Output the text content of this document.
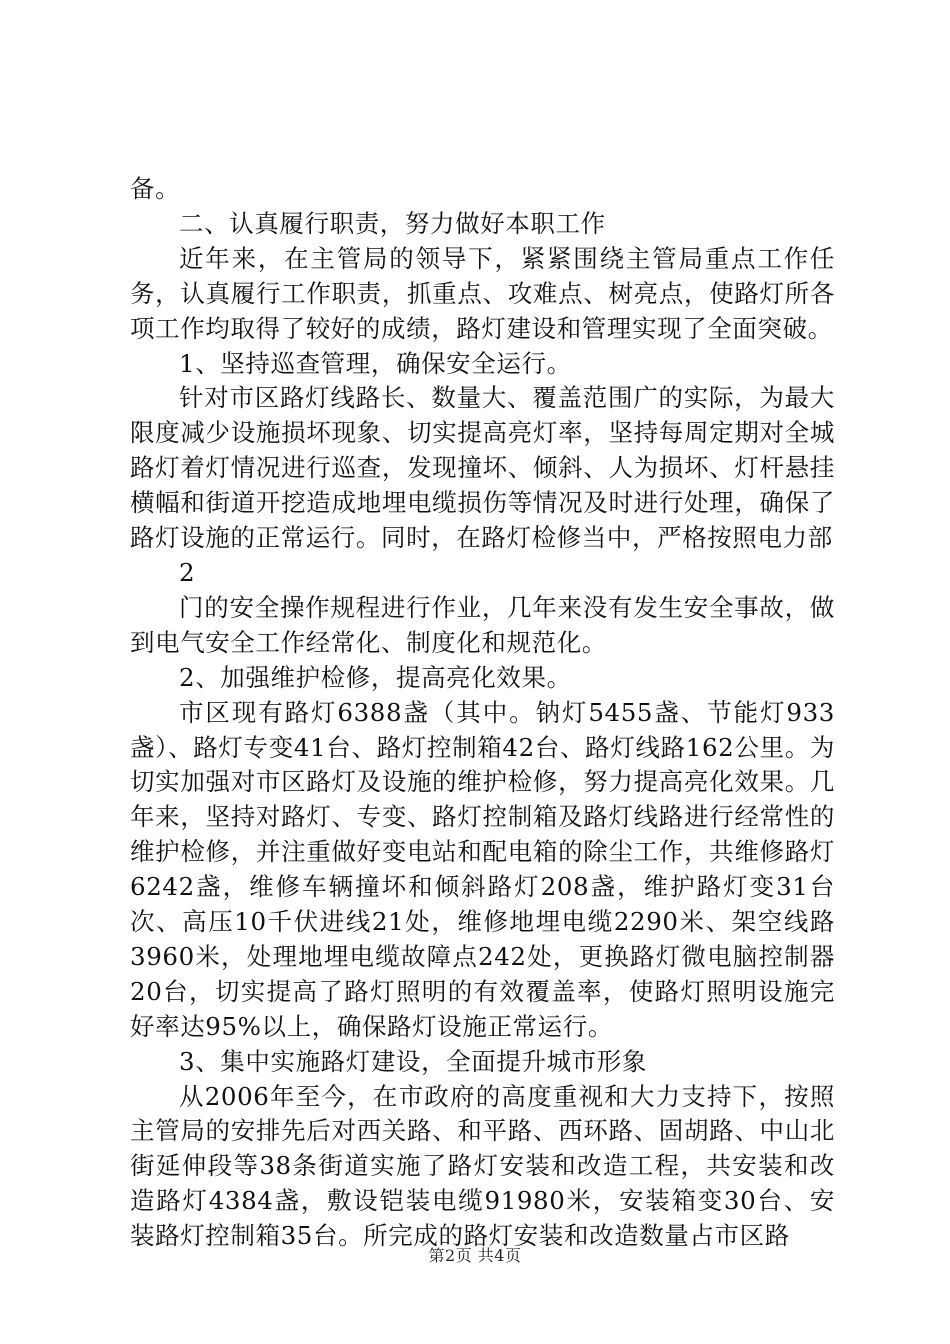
备。

二、认真履行职责，努力做好本职工作

近年来，在主管局的领导下，紧紧围绕主管局重点工作任务，认真履行工作职责，抓重点、攻难点、树亮点，使路灯所各项工作均取得了较好的成绩，路灯建设和管理实现了全面突破。

1、坚持巡查管理，确保安全运行。

针对市区路灯线路长、数量大、覆盖范围广的实际，为最大限度减少设施损坏现象、切实提高亮灯率，坚持每周定期对全城路灯着灯情况进行巡查，发现撞坏、倾斜、人为损坏、灯杆悬挂横幅和街道开挖造成地埋电缆损伤等情况及时进行处理，确保了路灯设施的正常运行。同时，在路灯检修当中，严格按照电力部

2

门的安全操作规程进行作业，几年来没有发生安全事故，做到电气安全工作经常化、制度化和规范化。

2、加强维护检修，提高亮化效果。

市区现有路灯6388盏（其中。钠灯5455盏、节能灯933盏）、路灯专变41台、路灯控制箱42台、路灯线路162公里。为切实加强对市区路灯及设施的维护检修，努力提高亮化效果。几年来，坚持对路灯、专变、路灯控制箱及路灯线路进行经常性的维护检修，并注重做好变电站和配电箱的除尘工作，共维修路灯6242盏，维修车辆撞坏和倾斜路灯208盏，维护路灯变31台次、高压10千伏进线21处，维修地埋电缆2290米、架空线路3960米，处理地埋电缆故障点242处，更换路灯微电脑控制器20台，切实提高了路灯照明的有效覆盖率，使路灯照明设施完好率达95%以上，确保路灯设施正常运行。

3、集中实施路灯建设，全面提升城市形象

从2006年至今，在市政府的高度重视和大力支持下，按照主管局的安排先后对西关路、和平路、西环路、固胡路、中山北街延伸段等38条街道实施了路灯安装和改造工程，共安装和改造路灯4384盏，敷设铠装电缆91980米，安装箱变30台、安装路灯控制箱35台。所完成的路灯安装和改造数量占市区路

第2页 共4页
